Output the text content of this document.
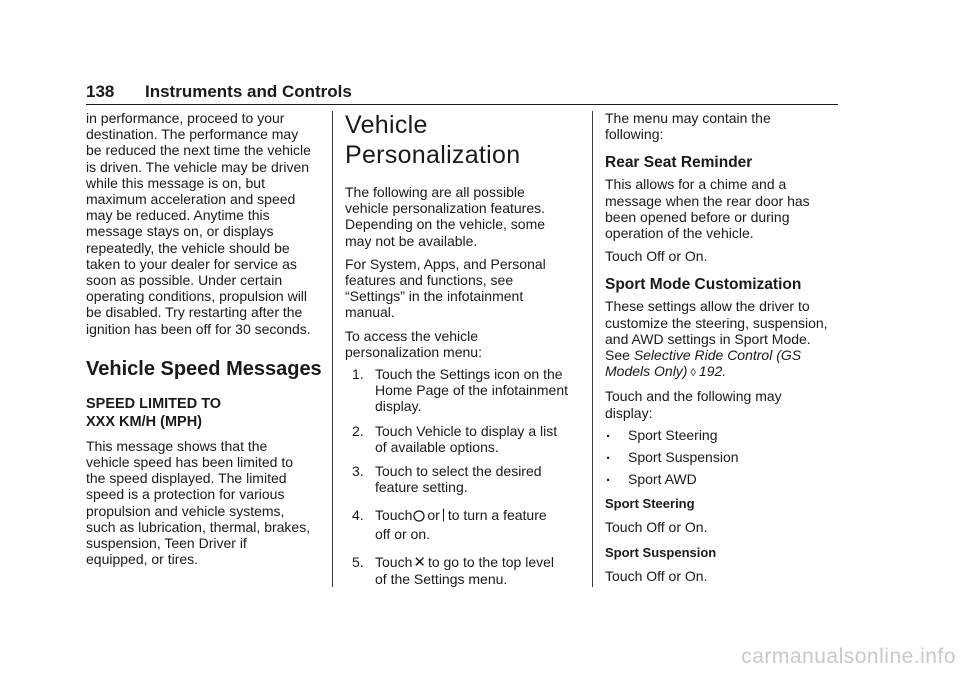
138 Instruments and Controls

in performance, proceed to your
destination. The performance may
be reduced the next time the vehicle
is driven. The vehicle may be driven
while this message is on, but
maximum acceleration and speed
may be reduced. Anytime this
message stays on, or displays
repeatedly, the vehicle should be
taken to your dealer for service as
soon as possible. Under certain
operating conditions, propulsion will
be disabled. Try restarting after the
ignition has been off for 30 seconds.

Vehicle Speed Messages
SPEED LIMITED TO
XXX KM/H (MPH)

This message shows that the
vehicle speed has been limited to
the speed displayed. The limited
speed is a protection for various
propulsion and vehicle systems,
such as lubrication, thermal, brakes,
suspension, Teen Driver if
equipped, or tires.

Vehicle
Personalization

The following are all possible
vehicle personalization features.
Depending on the vehicle, some
may not be available.

For System, Apps, and Personal
features and functions, see
“Settings” in the infotainment
manual.

To access the vehicle
personalization menu:

1. Touch the Settings icon on the
Home Page of the infotainment
display.
2. Touch Vehicle to display a list
of available options.
3. Touch to select the desired
feature setting.
4. Touch or to turn a feature
off or on.
5. Touch✕ to go to the top level
of the Settings menu.

The menu may contain the
following:

Rear Seat Reminder

This allows for a chime and a
message when the rear door has
been opened before or during
operation of the vehicle.

Touch Off or On.

Sport Mode Customization

These settings allow the driver to
customize the steering, suspension,
and AWD settings in Sport Mode.
See Selective Ride Control (GS
Models Only) ◊ 192.

Touch and the following may
display:

. Sport Steering
. Sport Suspension
. Sport AWD
Sport Steering

Touch Off or On.

Sport Suspension

Touch Off or On.

carmanualsonline.info
